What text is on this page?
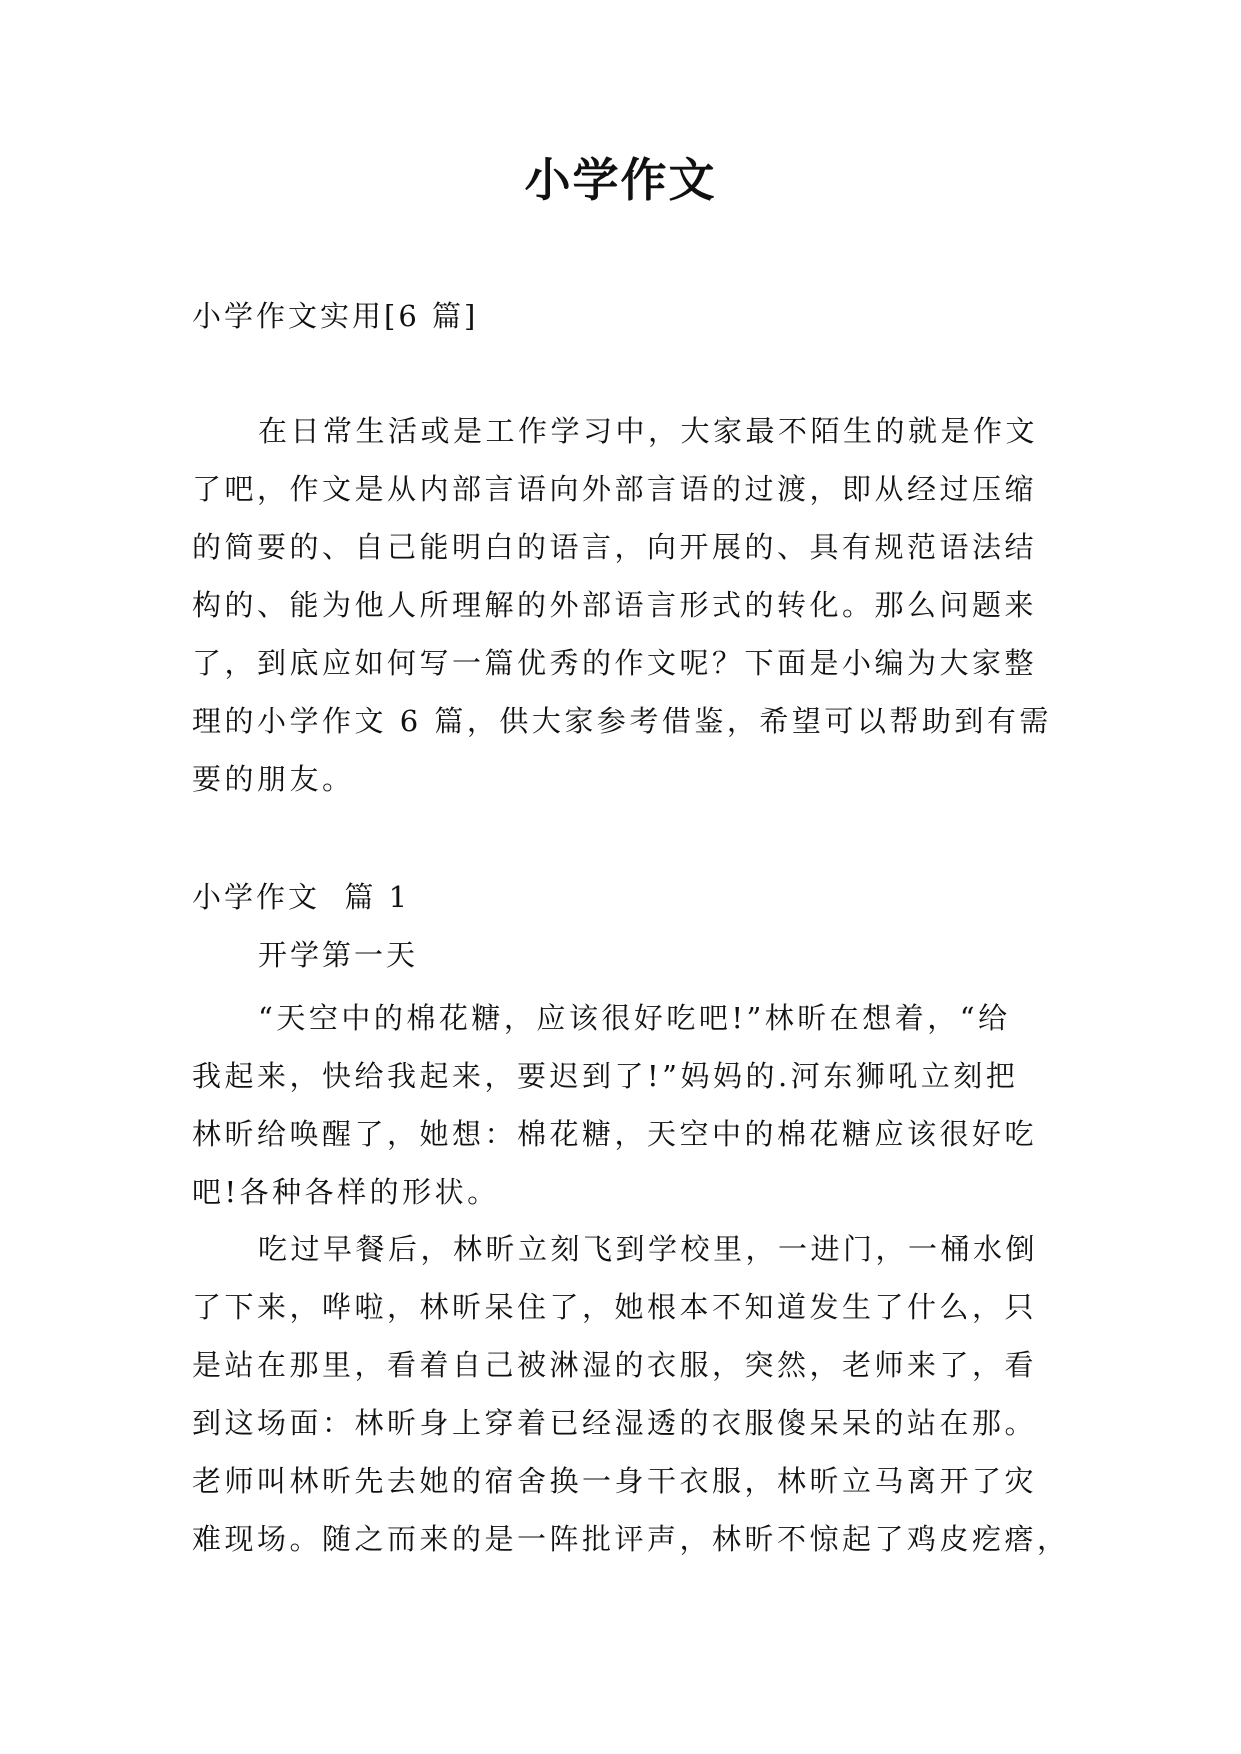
小学作文
小学作文实用[6 篇]
在日常生活或是工作学习中，大家最不陌生的就是作文
了吧，作文是从内部言语向外部言语的过渡，即从经过压缩
的简要的、自己能明白的语言，向开展的、具有规范语法结
构的、能为他人所理解的外部语言形式的转化。那么问题来
了，到底应如何写一篇优秀的作文呢？下面是小编为大家整
理的小学作文 6 篇，供大家参考借鉴，希望可以帮助到有需
要的朋友。
小学作文  篇 1
开学第一天
“天空中的棉花糖，应该很好吃吧!”林昕在想着，“给
我起来，快给我起来，要迟到了!”妈妈的.河东狮吼立刻把
林昕给唤醒了，她想：棉花糖，天空中的棉花糖应该很好吃
吧!各种各样的形状。
吃过早餐后，林昕立刻飞到学校里，一进门，一桶水倒
了下来，哗啦，林昕呆住了，她根本不知道发生了什么，只
是站在那里，看着自己被淋湿的衣服，突然，老师来了，看
到这场面：林昕身上穿着已经湿透的衣服傻呆呆的站在那。
老师叫林昕先去她的宿舍换一身干衣服，林昕立马离开了灾
难现场。随之而来的是一阵批评声，林昕不惊起了鸡皮疙瘩，
